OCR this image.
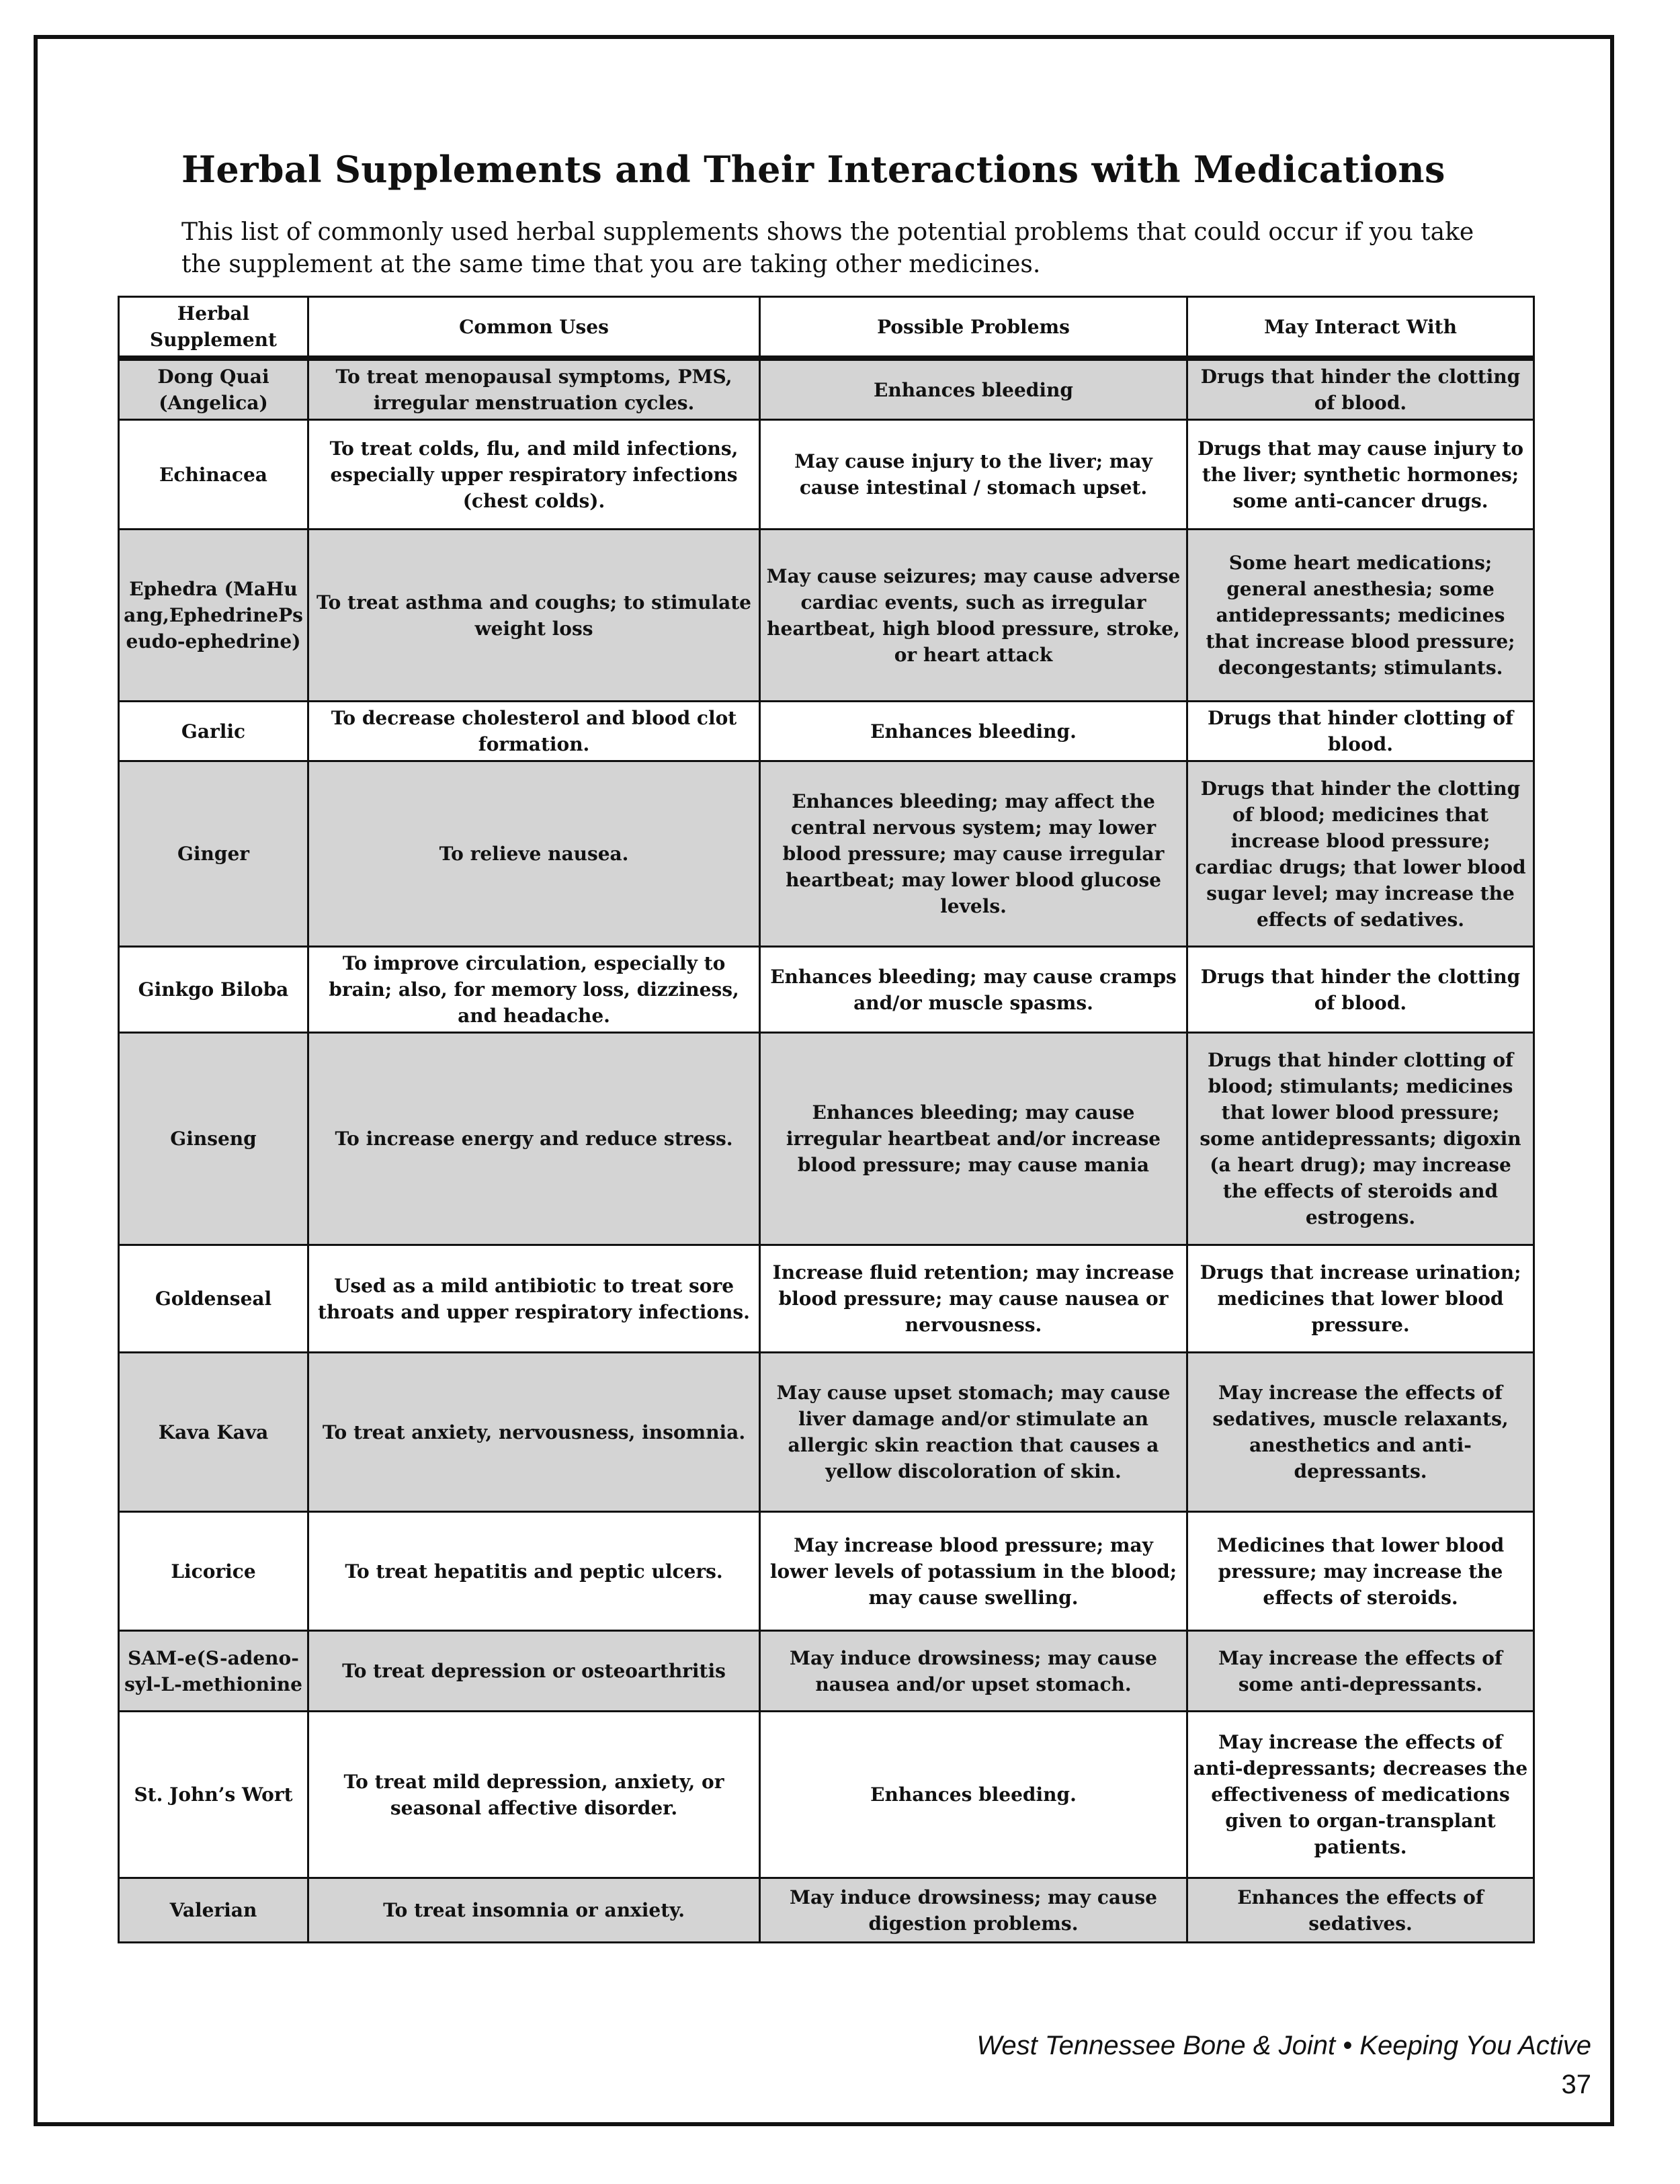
Herbal Supplements and Their Interactions with Medications

This list of commonly used herbal supplements shows the potential problems that could occur if you take the supplement at the same time that you are taking other medicines.

Herbal Supplement	Common Uses	Possible Problems	May Interact With
Dong Quai (Angelica)	To treat menopausal symptoms, PMS, irregular menstruation cycles.	Enhances bleeding	Drugs that hinder the clotting of blood.
Echinacea	To treat colds, flu, and mild infections, especially upper respiratory infections (chest colds).	May cause injury to the liver; may cause intestinal / stomach upset.	Drugs that may cause injury to the liver; synthetic hormones; some anti-cancer drugs.
Ephedra (MaHuang,EphedrinePseudo-ephedrine)	To treat asthma and coughs; to stimulate weight loss	May cause seizures; may cause adverse cardiac events, such as irregular heartbeat, high blood pressure, stroke, or heart attack	Some heart medications; general anesthesia; some antidepressants; medicines that increase blood pressure; decongestants; stimulants.
Garlic	To decrease cholesterol and blood clot formation.	Enhances bleeding.	Drugs that hinder clotting of blood.
Ginger	To relieve nausea.	Enhances bleeding; may affect the central nervous system; may lower blood pressure; may cause irregular heartbeat; may lower blood glucose levels.	Drugs that hinder the clotting of blood; medicines that increase blood pressure; cardiac drugs; that lower blood sugar level; may increase the effects of sedatives.
Ginkgo Biloba	To improve circulation, especially to brain; also, for memory loss, dizziness, and headache.	Enhances bleeding; may cause cramps and/or muscle spasms.	Drugs that hinder the clotting of blood.
Ginseng	To increase energy and reduce stress.	Enhances bleeding; may cause irregular heartbeat and/or increase blood pressure; may cause mania	Drugs that hinder clotting of blood; stimulants; medicines that lower blood pressure; some antidepressants; digoxin (a heart drug); may increase the effects of steroids and estrogens.
Goldenseal	Used as a mild antibiotic to treat sore throats and upper respiratory infections.	Increase fluid retention; may increase blood pressure; may cause nausea or nervousness.	Drugs that increase urination; medicines that lower blood pressure.
Kava Kava	To treat anxiety, nervousness, insomnia.	May cause upset stomach; may cause liver damage and/or stimulate an allergic skin reaction that causes a yellow discoloration of skin.	May increase the effects of sedatives, muscle relaxants, anesthetics and anti-depressants.
Licorice	To treat hepatitis and peptic ulcers.	May increase blood pressure; may lower levels of potassium in the blood; may cause swelling.	Medicines that lower blood pressure; may increase the effects of steroids.
SAM-e(S-adeno-syl-L-methionine	To treat depression or osteoarthritis	May induce drowsiness; may cause nausea and/or upset stomach.	May increase the effects of some anti-depressants.
St. John’s Wort	To treat mild depression, anxiety, or seasonal affective disorder.	Enhances bleeding.	May increase the effects of anti-depressants; decreases the effectiveness of medications given to organ-transplant patients.
Valerian	To treat insomnia or anxiety.	May induce drowsiness; may cause digestion problems.	Enhances the effects of sedatives.

West Tennessee Bone & Joint • Keeping You Active

37
